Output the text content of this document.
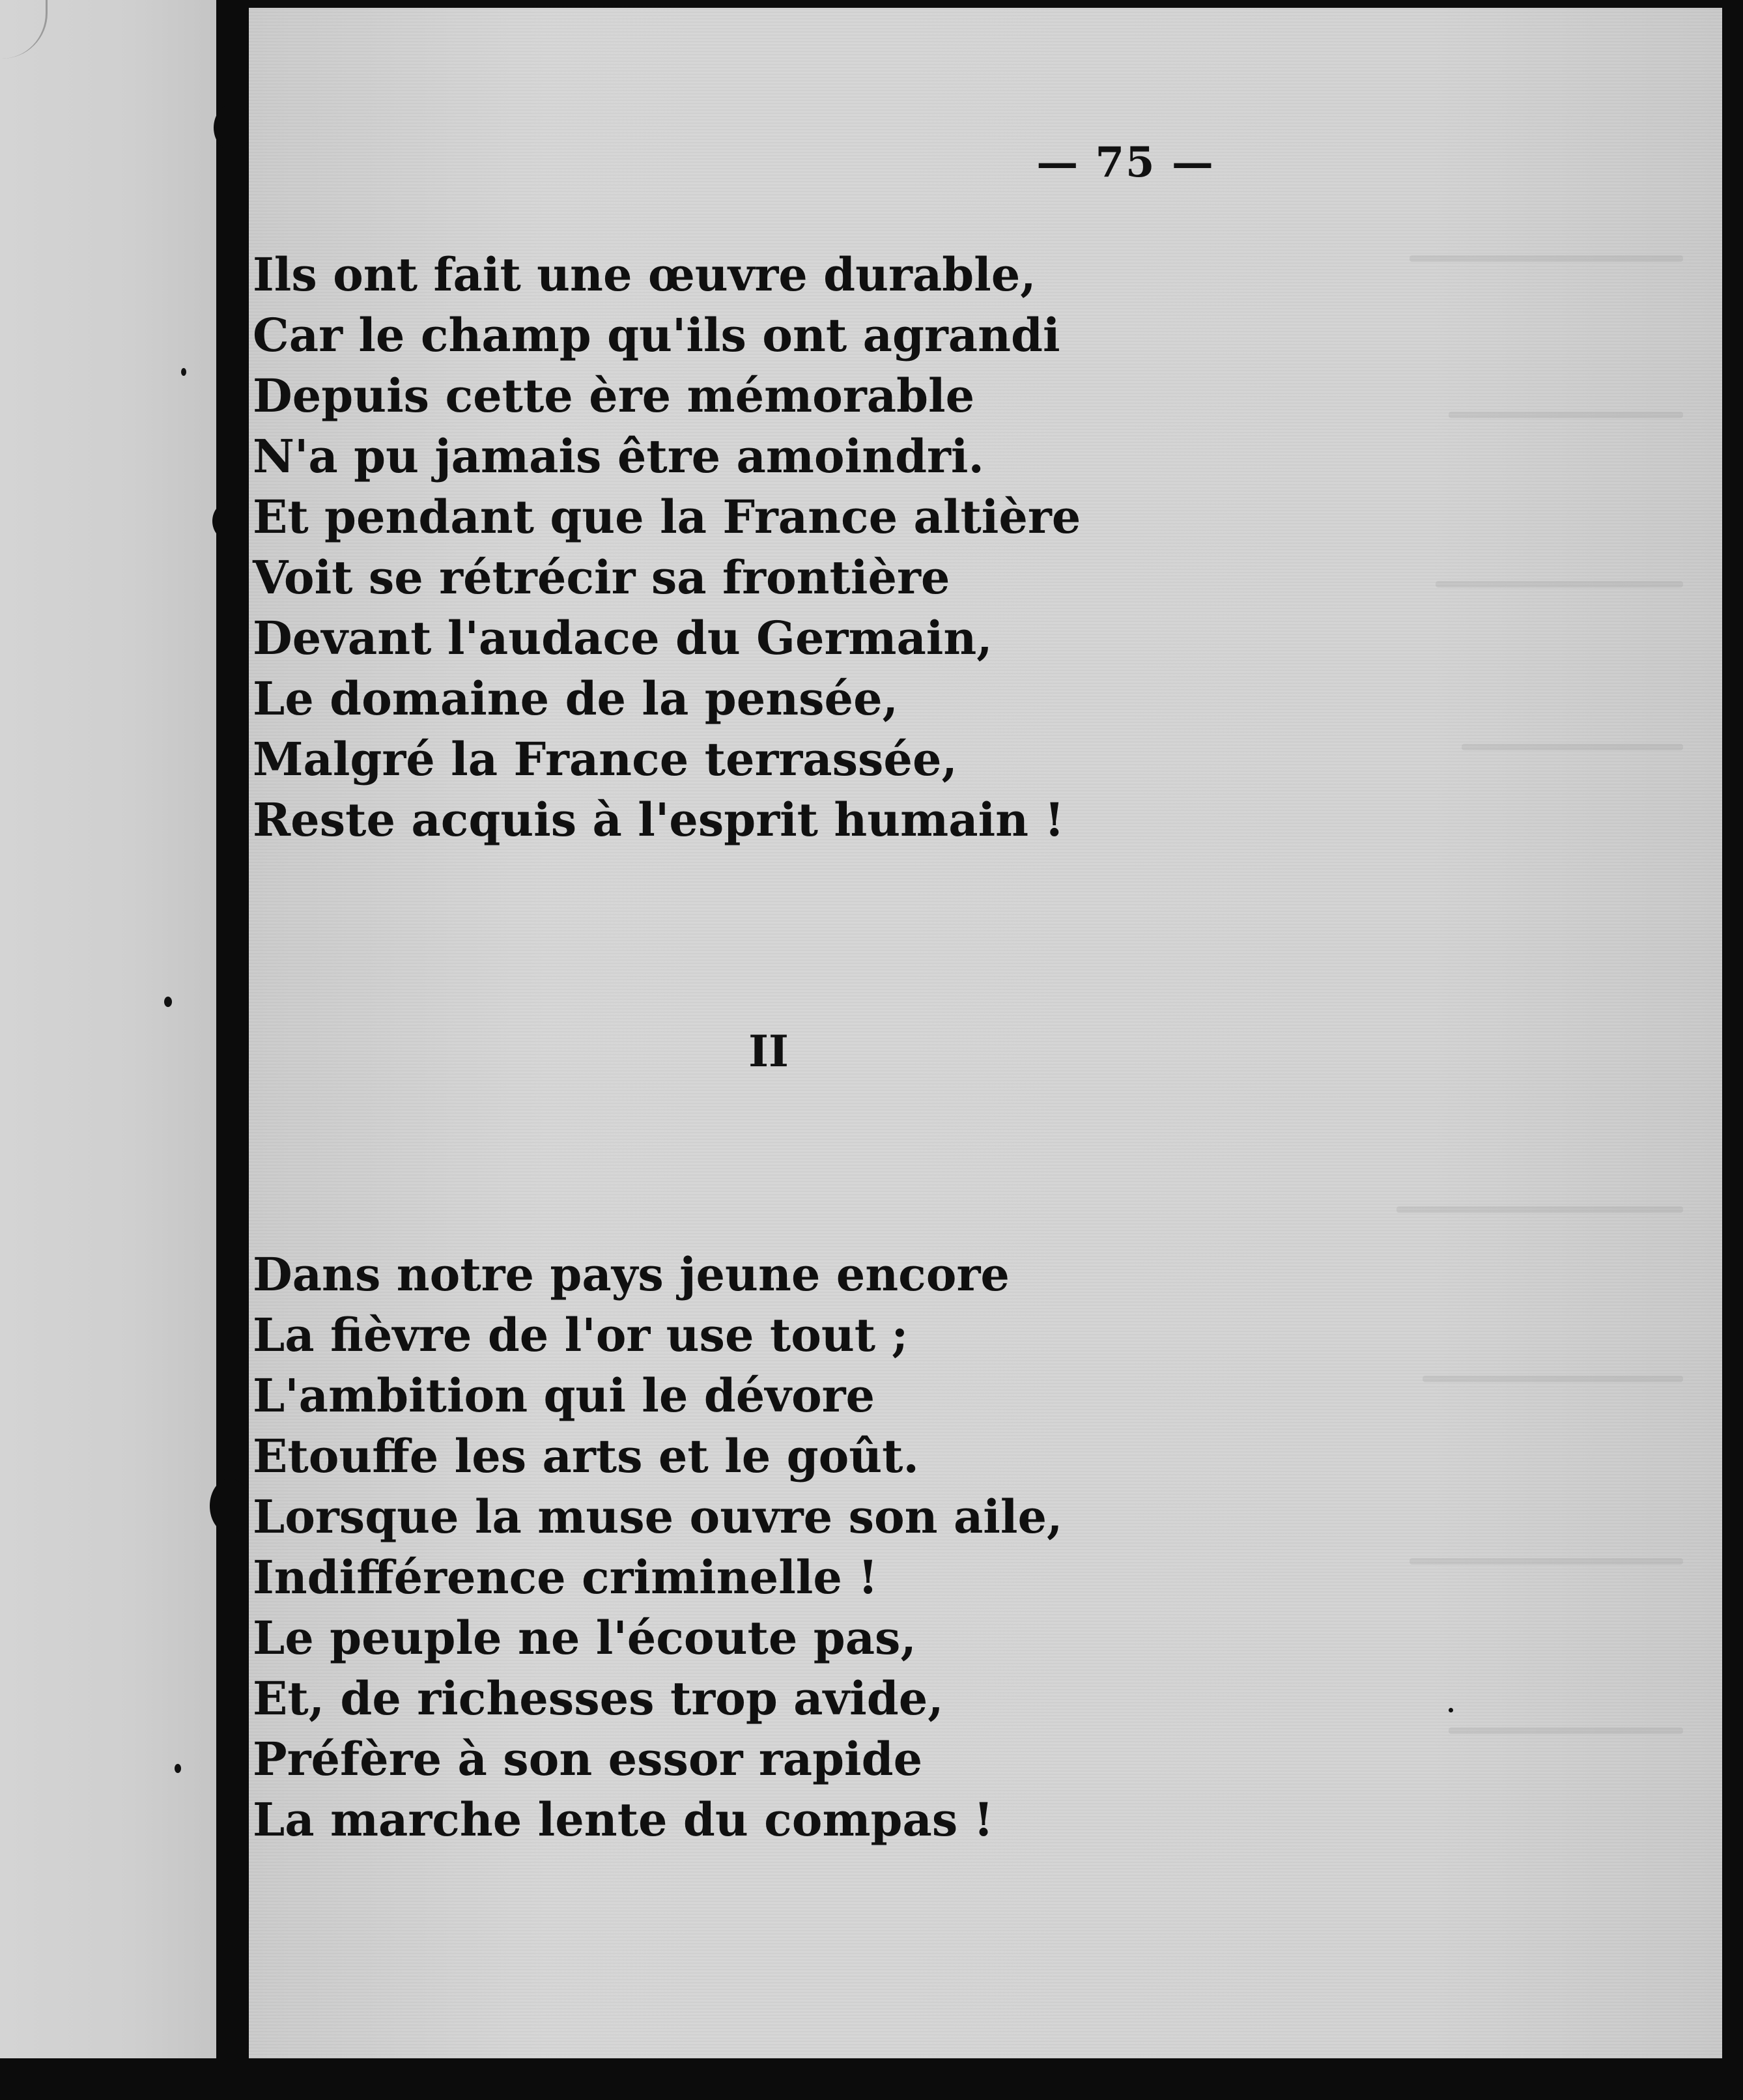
— 75 —
Ils ont fait une œuvre durable,
Car le champ qu'ils ont agrandi
Depuis cette ère mémorable
N'a pu jamais être amoindri.
Et pendant que la France altière
Voit se rétrécir sa frontière
Devant l'audace du Germain,
Le domaine de la pensée,
Malgré la France terrassée,
Reste acquis à l'esprit humain !
II
Dans notre pays jeune encore
La fièvre de l'or use tout ;
L'ambition qui le dévore
Etouffe les arts et le goût.
Lorsque la muse ouvre son aile,
Indifférence criminelle !
Le peuple ne l'écoute pas,
Et, de richesses trop avide,
Préfère à son essor rapide
La marche lente du compas !
